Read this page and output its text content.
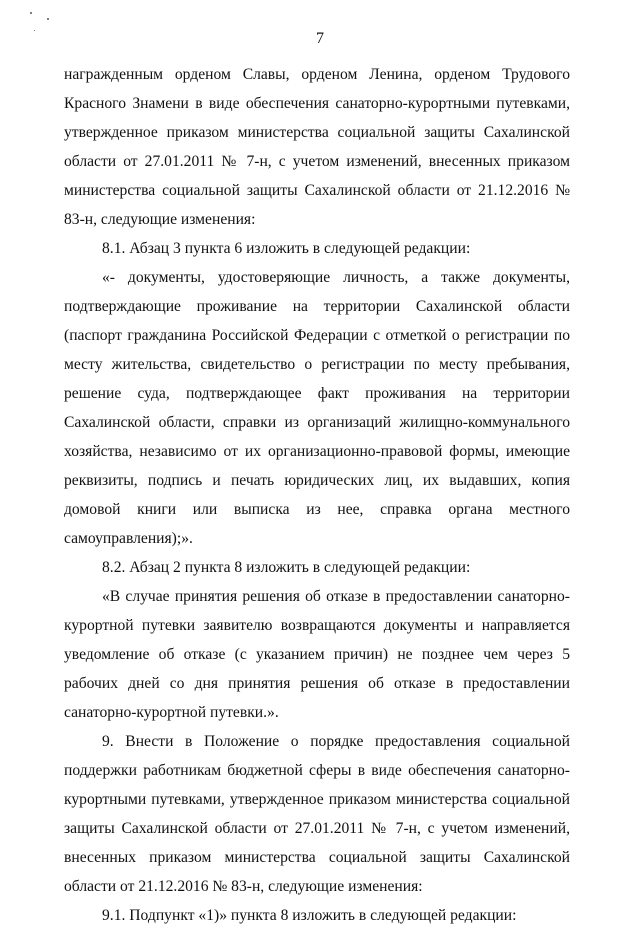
7

награжденным орденом Славы, орденом Ленина, орденом Трудового Красного Знамени в виде обеспечения санаторно-курортными путевками, утвержденное приказом министерства социальной защиты Сахалинской области от 27.01.2011 № 7-н, с учетом изменений, внесенных приказом министерства социальной защиты Сахалинской области от 21.12.2016 № 83-н, следующие изменения:

8.1. Абзац 3 пункта 6 изложить в следующей редакции:

«- документы, удостоверяющие личность, а также документы, подтверждающие проживание на территории Сахалинской области (паспорт гражданина Российской Федерации с отметкой о регистрации по месту жительства, свидетельство о регистрации по месту пребывания, решение суда, подтверждающее факт проживания на территории Сахалинской области, справки из организаций жилищно-коммунального хозяйства, независимо от их организационно-правовой формы, имеющие реквизиты, подпись и печать юридических лиц, их выдавших, копия домовой книги или выписка из нее, справка органа местного самоуправления);».

8.2. Абзац 2 пункта 8 изложить в следующей редакции:

«В случае принятия решения об отказе в предоставлении санаторно-курортной путевки заявителю возвращаются документы и направляется уведомление об отказе (с указанием причин) не позднее чем через 5 рабочих дней со дня принятия решения об отказе в предоставлении санаторно-курортной путевки.».

9. Внести в Положение о порядке предоставления социальной поддержки работникам бюджетной сферы в виде обеспечения санаторно-курортными путевками, утвержденное приказом министерства социальной защиты Сахалинской области от 27.01.2011 № 7-н, с учетом изменений, внесенных приказом министерства социальной защиты Сахалинской области от 21.12.2016 № 83-н, следующие изменения:

9.1. Подпункт «1)» пункта 8 изложить в следующей редакции:
